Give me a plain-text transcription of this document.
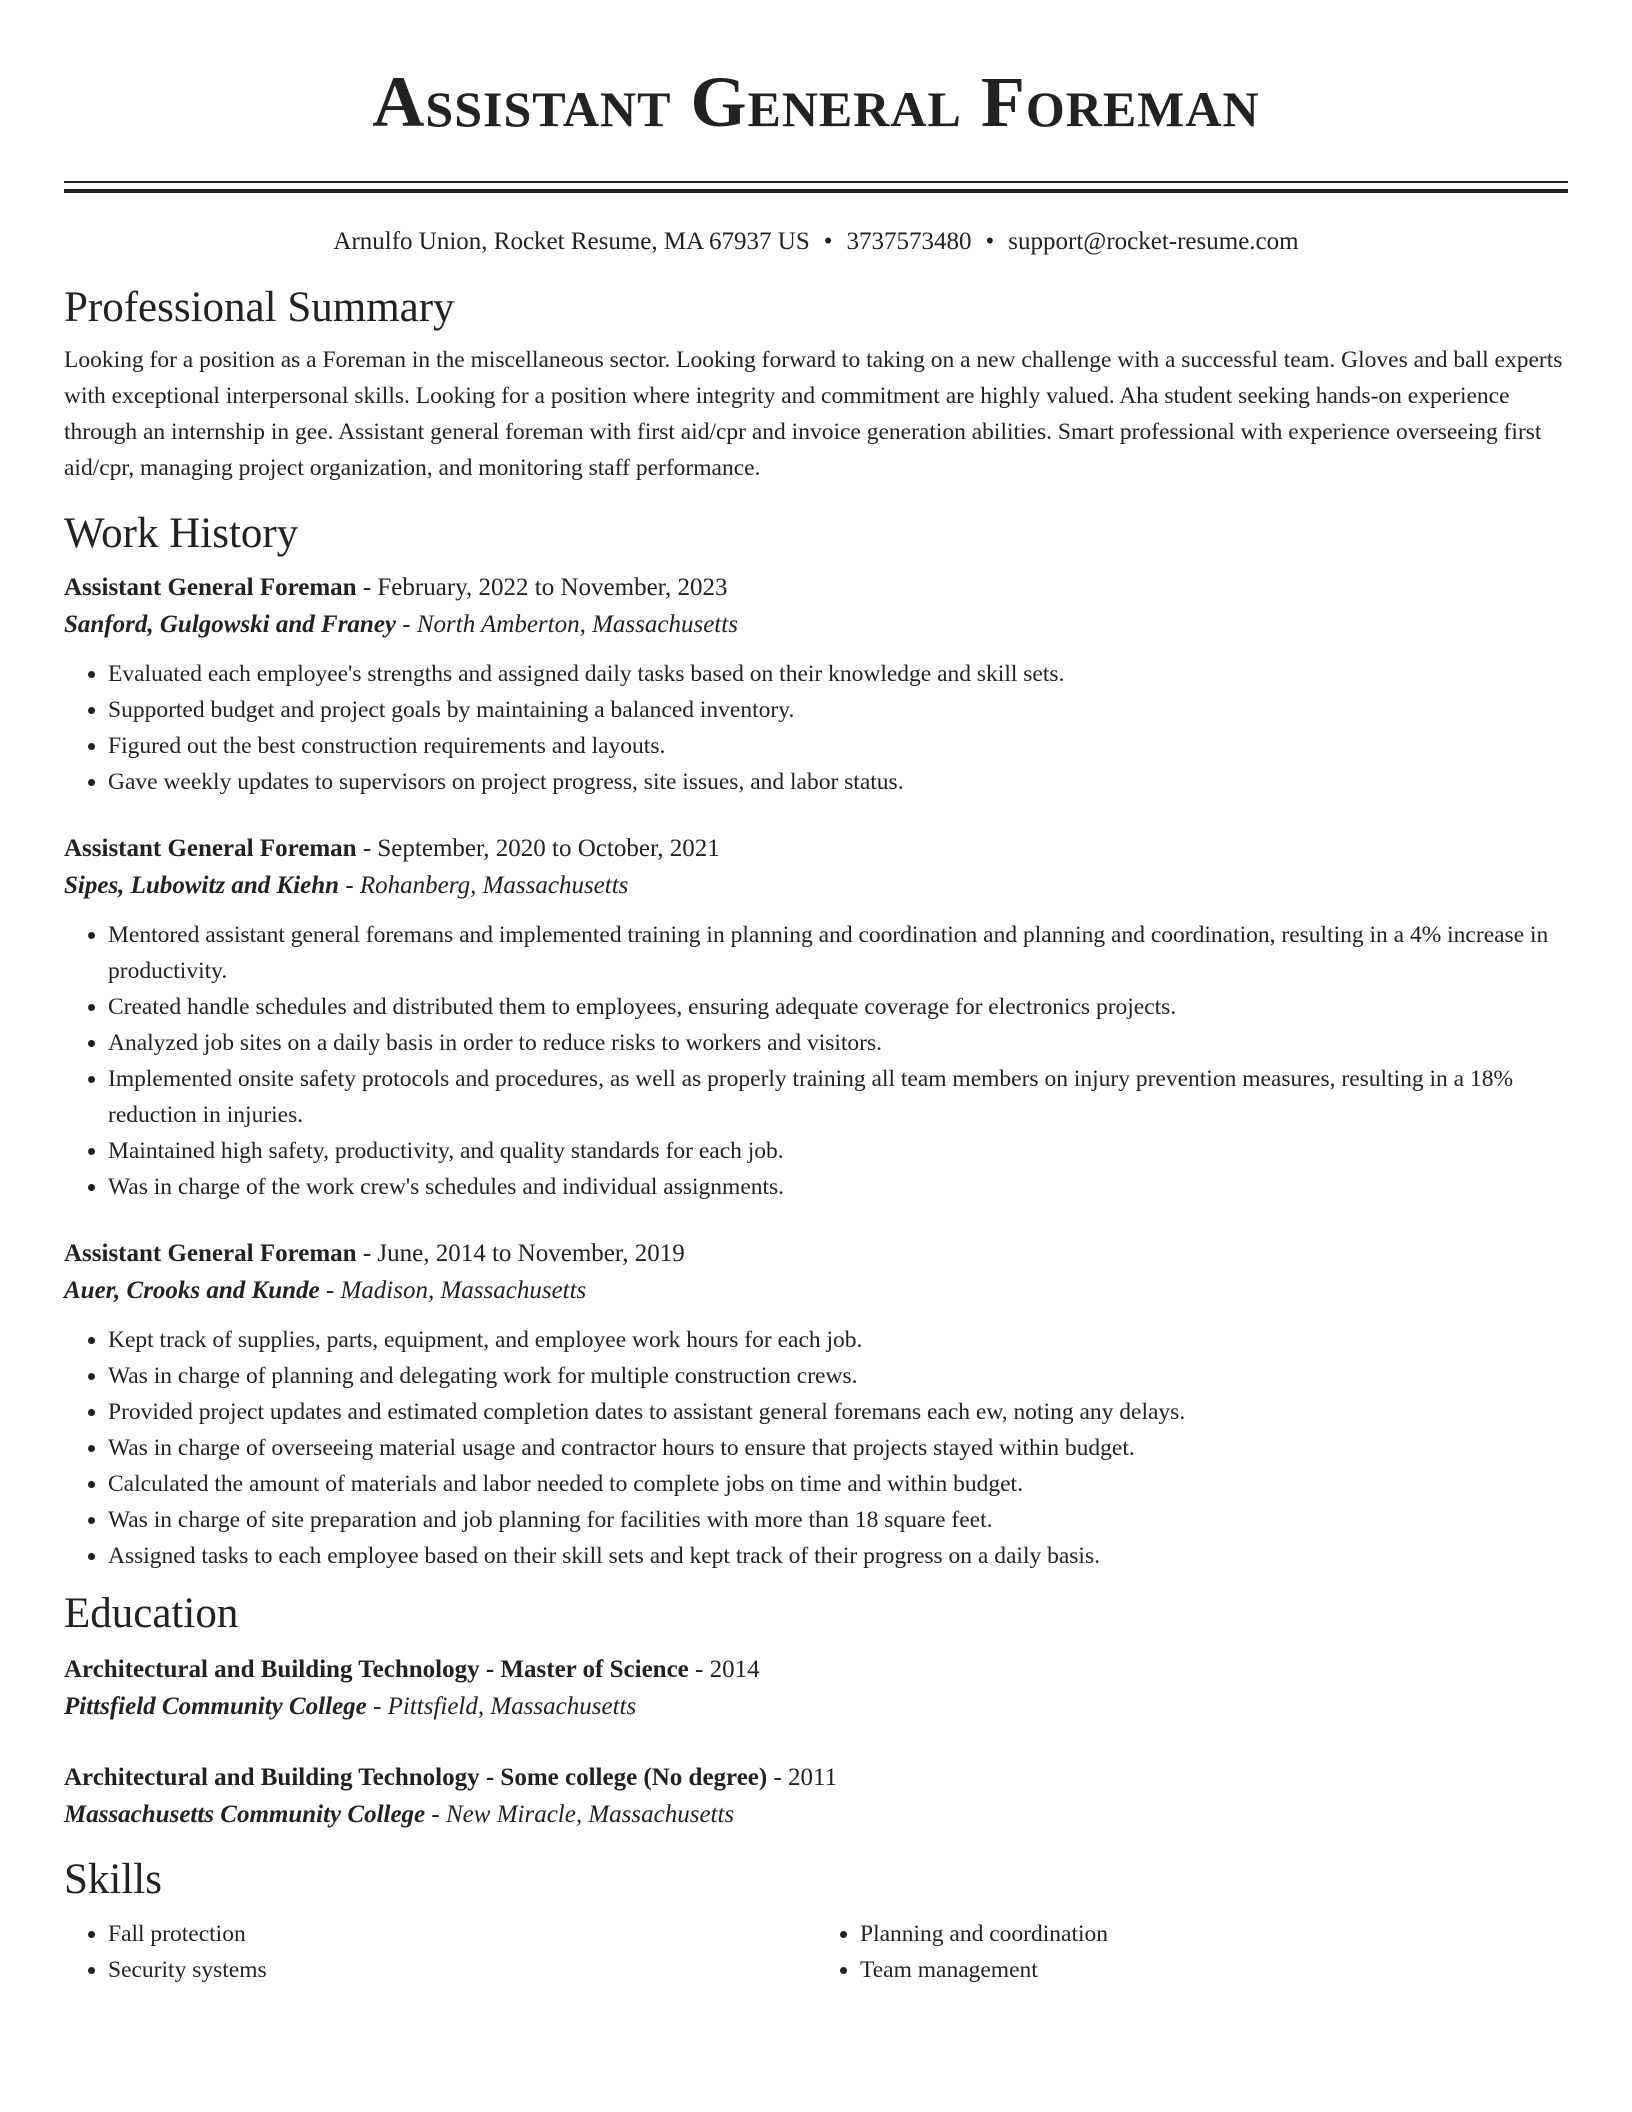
Assistant General Foreman
Arnulfo Union, Rocket Resume, MA 67937 US • 3737573480 • support@rocket-resume.com
Professional Summary

Looking for a position as a Foreman in the miscellaneous sector. Looking forward to taking on a new challenge with a successful team. Gloves and ball experts with exceptional interpersonal skills. Looking for a position where integrity and commitment are highly valued. Aha student seeking hands-on experience through an internship in gee. Assistant general foreman with first aid/cpr and invoice generation abilities. Smart professional with experience overseeing first aid/cpr, managing project organization, and monitoring staff performance.

Work History
Assistant General Foreman - February, 2022 to November, 2023
Sanford, Gulgowski and Franey - North Amberton, Massachusetts
• Evaluated each employee's strengths and assigned daily tasks based on their knowledge and skill sets.
• Supported budget and project goals by maintaining a balanced inventory.
• Figured out the best construction requirements and layouts.
• Gave weekly updates to supervisors on project progress, site issues, and labor status.
Assistant General Foreman - September, 2020 to October, 2021
Sipes, Lubowitz and Kiehn - Rohanberg, Massachusetts
• Mentored assistant general foremans and implemented training in planning and coordination and planning and coordination, resulting in a 4% increase in productivity.
• Created handle schedules and distributed them to employees, ensuring adequate coverage for electronics projects.
• Analyzed job sites on a daily basis in order to reduce risks to workers and visitors.
• Implemented onsite safety protocols and procedures, as well as properly training all team members on injury prevention measures, resulting in a 18% reduction in injuries.
• Maintained high safety, productivity, and quality standards for each job.
• Was in charge of the work crew's schedules and individual assignments.
Assistant General Foreman - June, 2014 to November, 2019
Auer, Crooks and Kunde - Madison, Massachusetts
• Kept track of supplies, parts, equipment, and employee work hours for each job.
• Was in charge of planning and delegating work for multiple construction crews.
• Provided project updates and estimated completion dates to assistant general foremans each ew, noting any delays.
• Was in charge of overseeing material usage and contractor hours to ensure that projects stayed within budget.
• Calculated the amount of materials and labor needed to complete jobs on time and within budget.
• Was in charge of site preparation and job planning for facilities with more than 18 square feet.
• Assigned tasks to each employee based on their skill sets and kept track of their progress on a daily basis.
Education
Architectural and Building Technology - Master of Science - 2014
Pittsfield Community College - Pittsfield, Massachusetts
Architectural and Building Technology - Some college (No degree) - 2011
Massachusetts Community College - New Miracle, Massachusetts
Skills
• Fall protection
• Security systems
• Planning and coordination
• Team management
